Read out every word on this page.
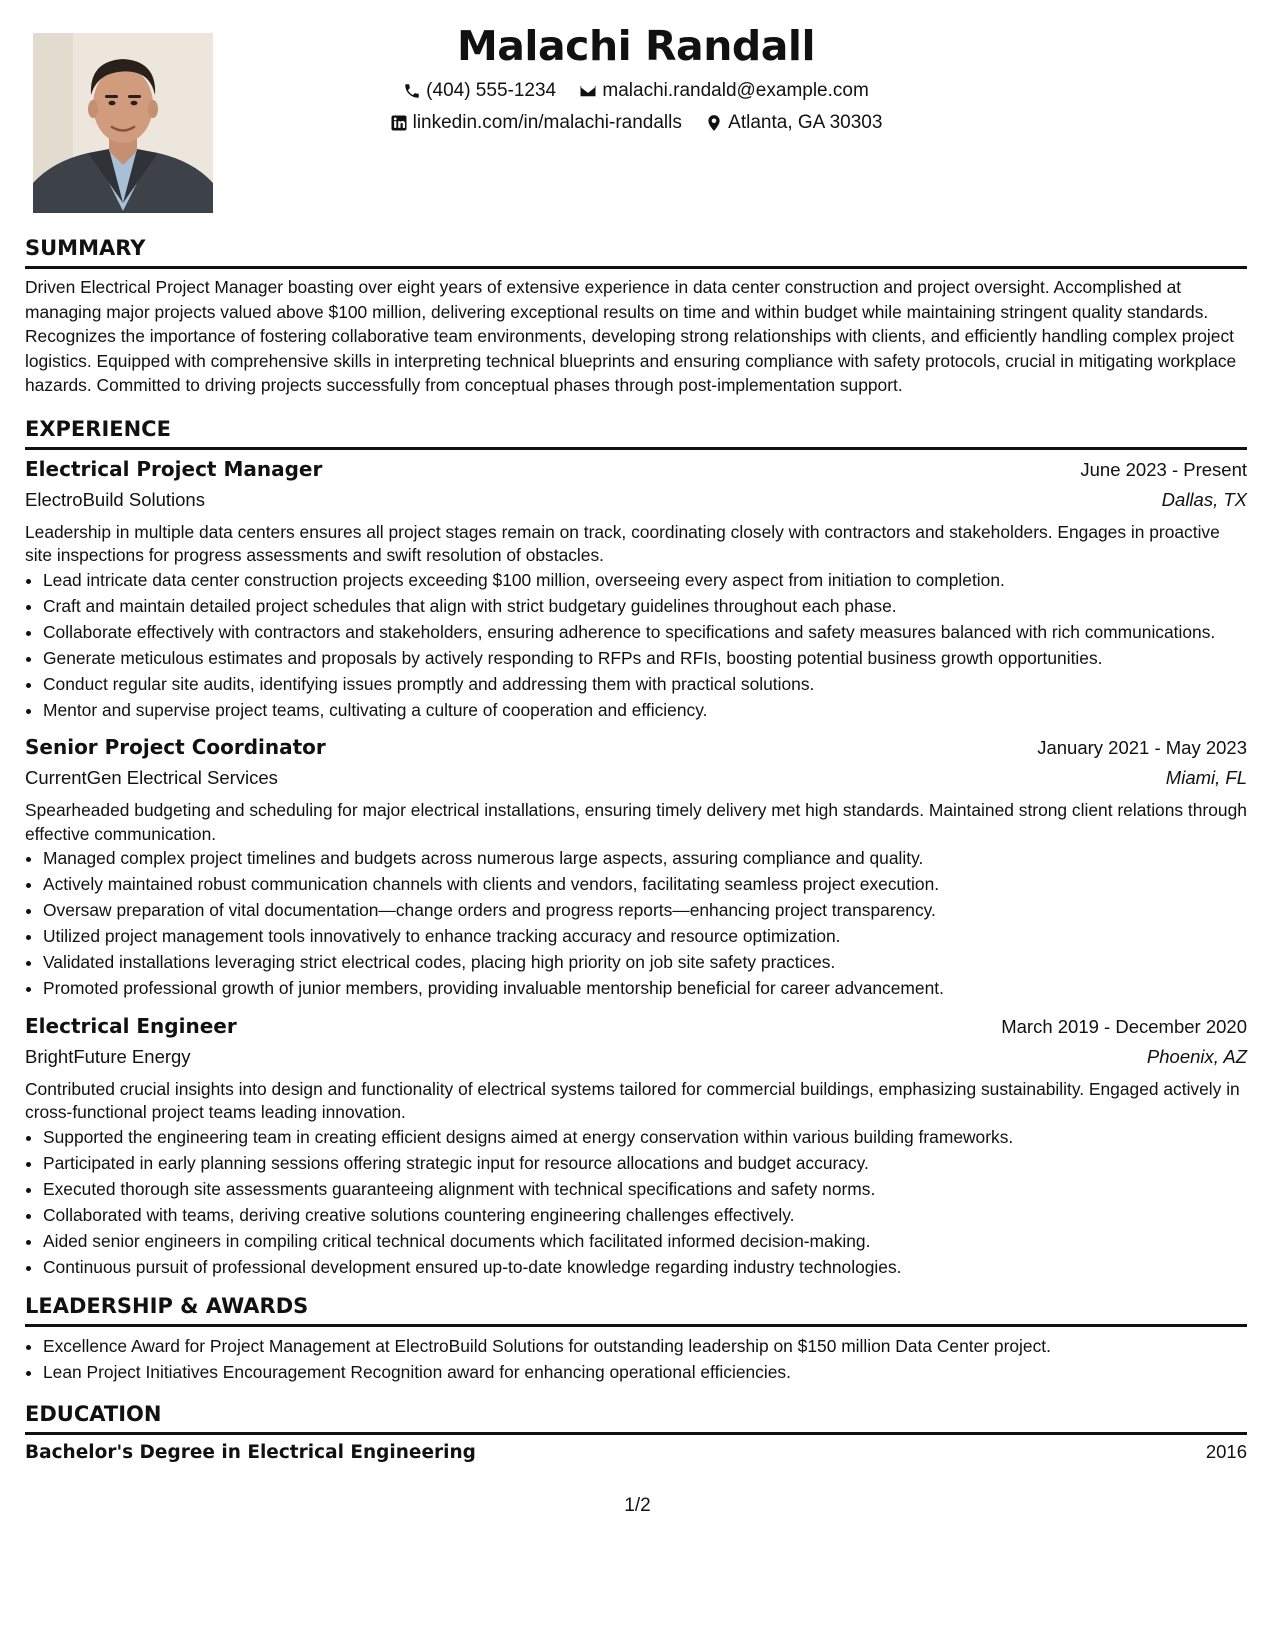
Malachi Randall
(404) 555-1234
malachi.randald@example.com
linkedin.com/in/malachi-randalls
Atlanta, GA 30303
SUMMARY

Driven Electrical Project Manager boasting over eight years of extensive experience in data center construction and project oversight. Accomplished at managing major projects valued above $100 million, delivering exceptional results on time and within budget while maintaining stringent quality standards. Recognizes the importance of fostering collaborative team environments, developing strong relationships with clients, and efficiently handling complex project logistics. Equipped with comprehensive skills in interpreting technical blueprints and ensuring compliance with safety protocols, crucial in mitigating workplace hazards. Committed to driving projects successfully from conceptual phases through post-implementation support.

EXPERIENCE
Electrical Project Manager	June 2023 - Present
ElectroBuild Solutions	Dallas, TX

Leadership in multiple data centers ensures all project stages remain on track, coordinating closely with contractors and stakeholders. Engages in proactive site inspections for progress assessments and swift resolution of obstacles.

• Lead intricate data center construction projects exceeding $100 million, overseeing every aspect from initiation to completion.
• Craft and maintain detailed project schedules that align with strict budgetary guidelines throughout each phase.
• Collaborate effectively with contractors and stakeholders, ensuring adherence to specifications and safety measures balanced with rich communications.
• Generate meticulous estimates and proposals by actively responding to RFPs and RFIs, boosting potential business growth opportunities.
• Conduct regular site audits, identifying issues promptly and addressing them with practical solutions.
• Mentor and supervise project teams, cultivating a culture of cooperation and efficiency.
Senior Project Coordinator	January 2021 - May 2023
CurrentGen Electrical Services	Miami, FL

Spearheaded budgeting and scheduling for major electrical installations, ensuring timely delivery met high standards. Maintained strong client relations through effective communication.

• Managed complex project timelines and budgets across numerous large aspects, assuring compliance and quality.
• Actively maintained robust communication channels with clients and vendors, facilitating seamless project execution.
• Oversaw preparation of vital documentation—change orders and progress reports—enhancing project transparency.
• Utilized project management tools innovatively to enhance tracking accuracy and resource optimization.
• Validated installations leveraging strict electrical codes, placing high priority on job site safety practices.
• Promoted professional growth of junior members, providing invaluable mentorship beneficial for career advancement.
Electrical Engineer	March 2019 - December 2020
BrightFuture Energy	Phoenix, AZ

Contributed crucial insights into design and functionality of electrical systems tailored for commercial buildings, emphasizing sustainability. Engaged actively in cross-functional project teams leading innovation.

• Supported the engineering team in creating efficient designs aimed at energy conservation within various building frameworks.
• Participated in early planning sessions offering strategic input for resource allocations and budget accuracy.
• Executed thorough site assessments guaranteeing alignment with technical specifications and safety norms.
• Collaborated with teams, deriving creative solutions countering engineering challenges effectively.
• Aided senior engineers in compiling critical technical documents which facilitated informed decision-making.
• Continuous pursuit of professional development ensured up-to-date knowledge regarding industry technologies.
LEADERSHIP & AWARDS
• Excellence Award for Project Management at ElectroBuild Solutions for outstanding leadership on $150 million Data Center project.
• Lean Project Initiatives Encouragement Recognition award for enhancing operational efficiencies.
EDUCATION
Bachelor's Degree in Electrical Engineering	2016
1/2
